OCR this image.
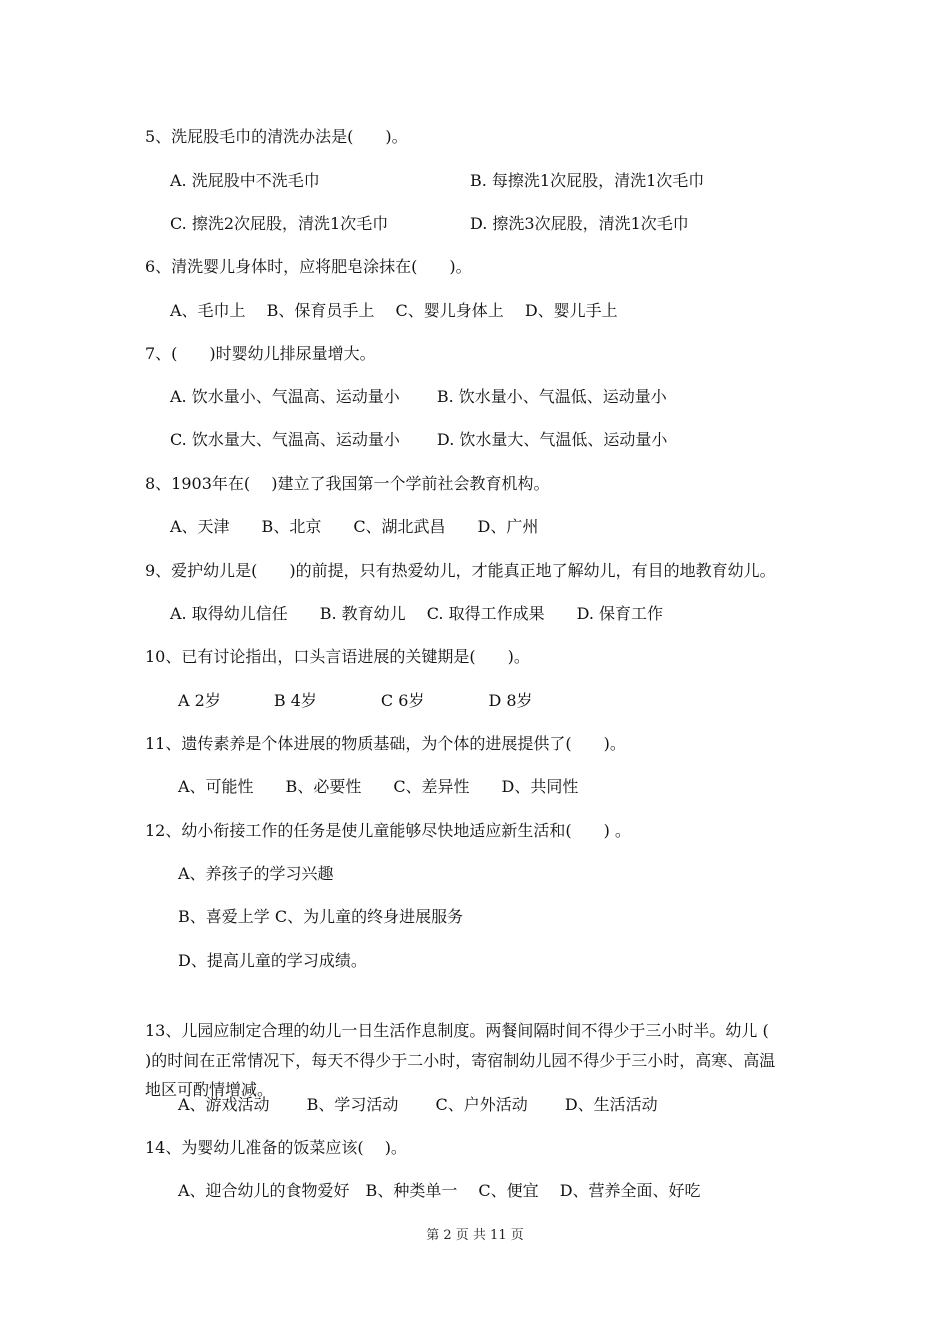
5、洗屁股毛巾的清洗办法是(　　)。
A. 洗屁股中不洗毛巾	B. 每擦洗1次屁股，清洗1次毛巾
C. 擦洗2次屁股，清洗1次毛巾	D. 擦洗3次屁股，清洗1次毛巾
6、清洗婴儿身体时，应将肥皂涂抹在(　　)。
A、毛巾上　 B、保育员手上　 C、婴儿身体上　 D、婴儿手上
7、(　　)时婴幼儿排尿量增大。
A. 饮水量小、气温高、运动量小　　 B. 饮水量小、气温低、运动量小
C. 饮水量大、气温高、运动量小　　 D. 饮水量大、气温低、运动量小
8、1903年在(　 )建立了我国第一个学前社会教育机构。
A、天津　　B、北京　　C、湖北武昌　　D、广州
9、爱护幼儿是(　　)的前提，只有热爱幼儿，才能真正地了解幼儿，有目的地教育幼儿。
A. 取得幼儿信任　　B. 教育幼儿　 C. 取得工作成果　　D. 保育工作
10、已有讨论指出，口头言语进展的关键期是(　　)。
A 2岁　　　 B 4岁　　　　C 6岁　　　　D 8岁
11、遗传素养是个体进展的物质基础，为个体的进展提供了(　　)。
A、可能性　　B、必要性　　C、差异性　　D、共同性
12、幼小衔接工作的任务是使儿童能够尽快地适应新生活和(　　) 。
A、养孩子的学习兴趣
B、喜爱上学 C、为儿童的终身进展服务
D、提高儿童的学习成绩。
13、儿园应制定合理的幼儿一日生活作息制度。两餐间隔时间不得少于三小时半。幼儿 (
)的时间在正常情况下，每天不得少于二小时，寄宿制幼儿园不得少于三小时，高寒、高温
地区可酌情增减。
A、游戏活动　　 B、学习活动　　 C、户外活动　　 D、生活活动
14、为婴幼儿准备的饭菜应该(　 )。
A、迎合幼儿的食物爱好　B、种类单一　 C、便宜　 D、营养全面、好吃
第 2 页 共 11 页
